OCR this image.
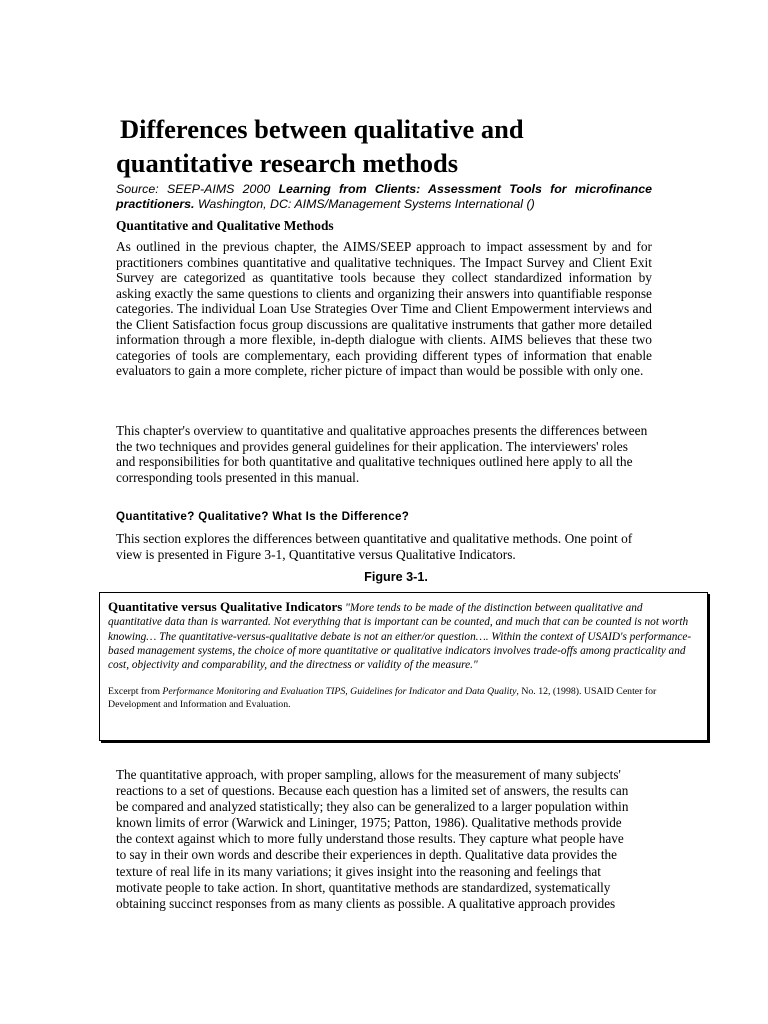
Differences between qualitative and
quantitative research methods

Source: SEEP-AIMS 2000 Learning from Clients: Assessment Tools for microfinance practitioners. Washington, DC: AIMS/Management Systems International ()

Quantitative and Qualitative Methods

As outlined in the previous chapter, the AIMS/SEEP approach to impact assessment by and for practitioners combines quantitative and qualitative techniques. The Impact Survey and Client Exit Survey are categorized as quantitative tools because they collect standardized information by asking exactly the same questions to clients and organizing their answers into quantifiable response categories. The individual Loan Use Strategies Over Time and Client Empowerment interviews and the Client Satisfaction focus group discussions are qualitative instruments that gather more detailed information through a more flexible, in-depth dialogue with clients. AIMS believes that these two categories of tools are complementary, each providing different types of information that enable evaluators to gain a more complete, richer picture of impact than would be possible with only one.

This chapter's overview to quantitative and qualitative approaches presents the differences between the two techniques and provides general guidelines for their application. The interviewers' roles and responsibilities for both quantitative and qualitative techniques outlined here apply to all the corresponding tools presented in this manual.

Quantitative? Qualitative? What Is the Difference?

This section explores the differences between quantitative and qualitative methods. One point of view is presented in Figure 3-1, Quantitative versus Qualitative Indicators.

Figure 3-1.

Quantitative versus Qualitative Indicators "More tends to be made of the distinction between qualitative and quantitative data than is warranted. Not everything that is important can be counted, and much that can be counted is not worth knowing… The quantitative-versus-qualitative debate is not an either/or question…. Within the context of USAID's performance-based management systems, the choice of more quantitative or qualitative indicators involves trade-offs among practicality and cost, objectivity and comparability, and the directness or validity of the measure."

Excerpt from Performance Monitoring and Evaluation TIPS, Guidelines for Indicator and Data Quality, No. 12, (1998). USAID Center for Development and Information and Evaluation.

The quantitative approach, with proper sampling, allows for the measurement of many subjects' reactions to a set of questions. Because each question has a limited set of answers, the results can be compared and analyzed statistically; they also can be generalized to a larger population within known limits of error (Warwick and Lininger, 1975; Patton, 1986). Qualitative methods provide the context against which to more fully understand those results. They capture what people have to say in their own words and describe their experiences in depth. Qualitative data provides the texture of real life in its many variations; it gives insight into the reasoning and feelings that motivate people to take action. In short, quantitative methods are standardized, systematically obtaining succinct responses from as many clients as possible. A qualitative approach provides
